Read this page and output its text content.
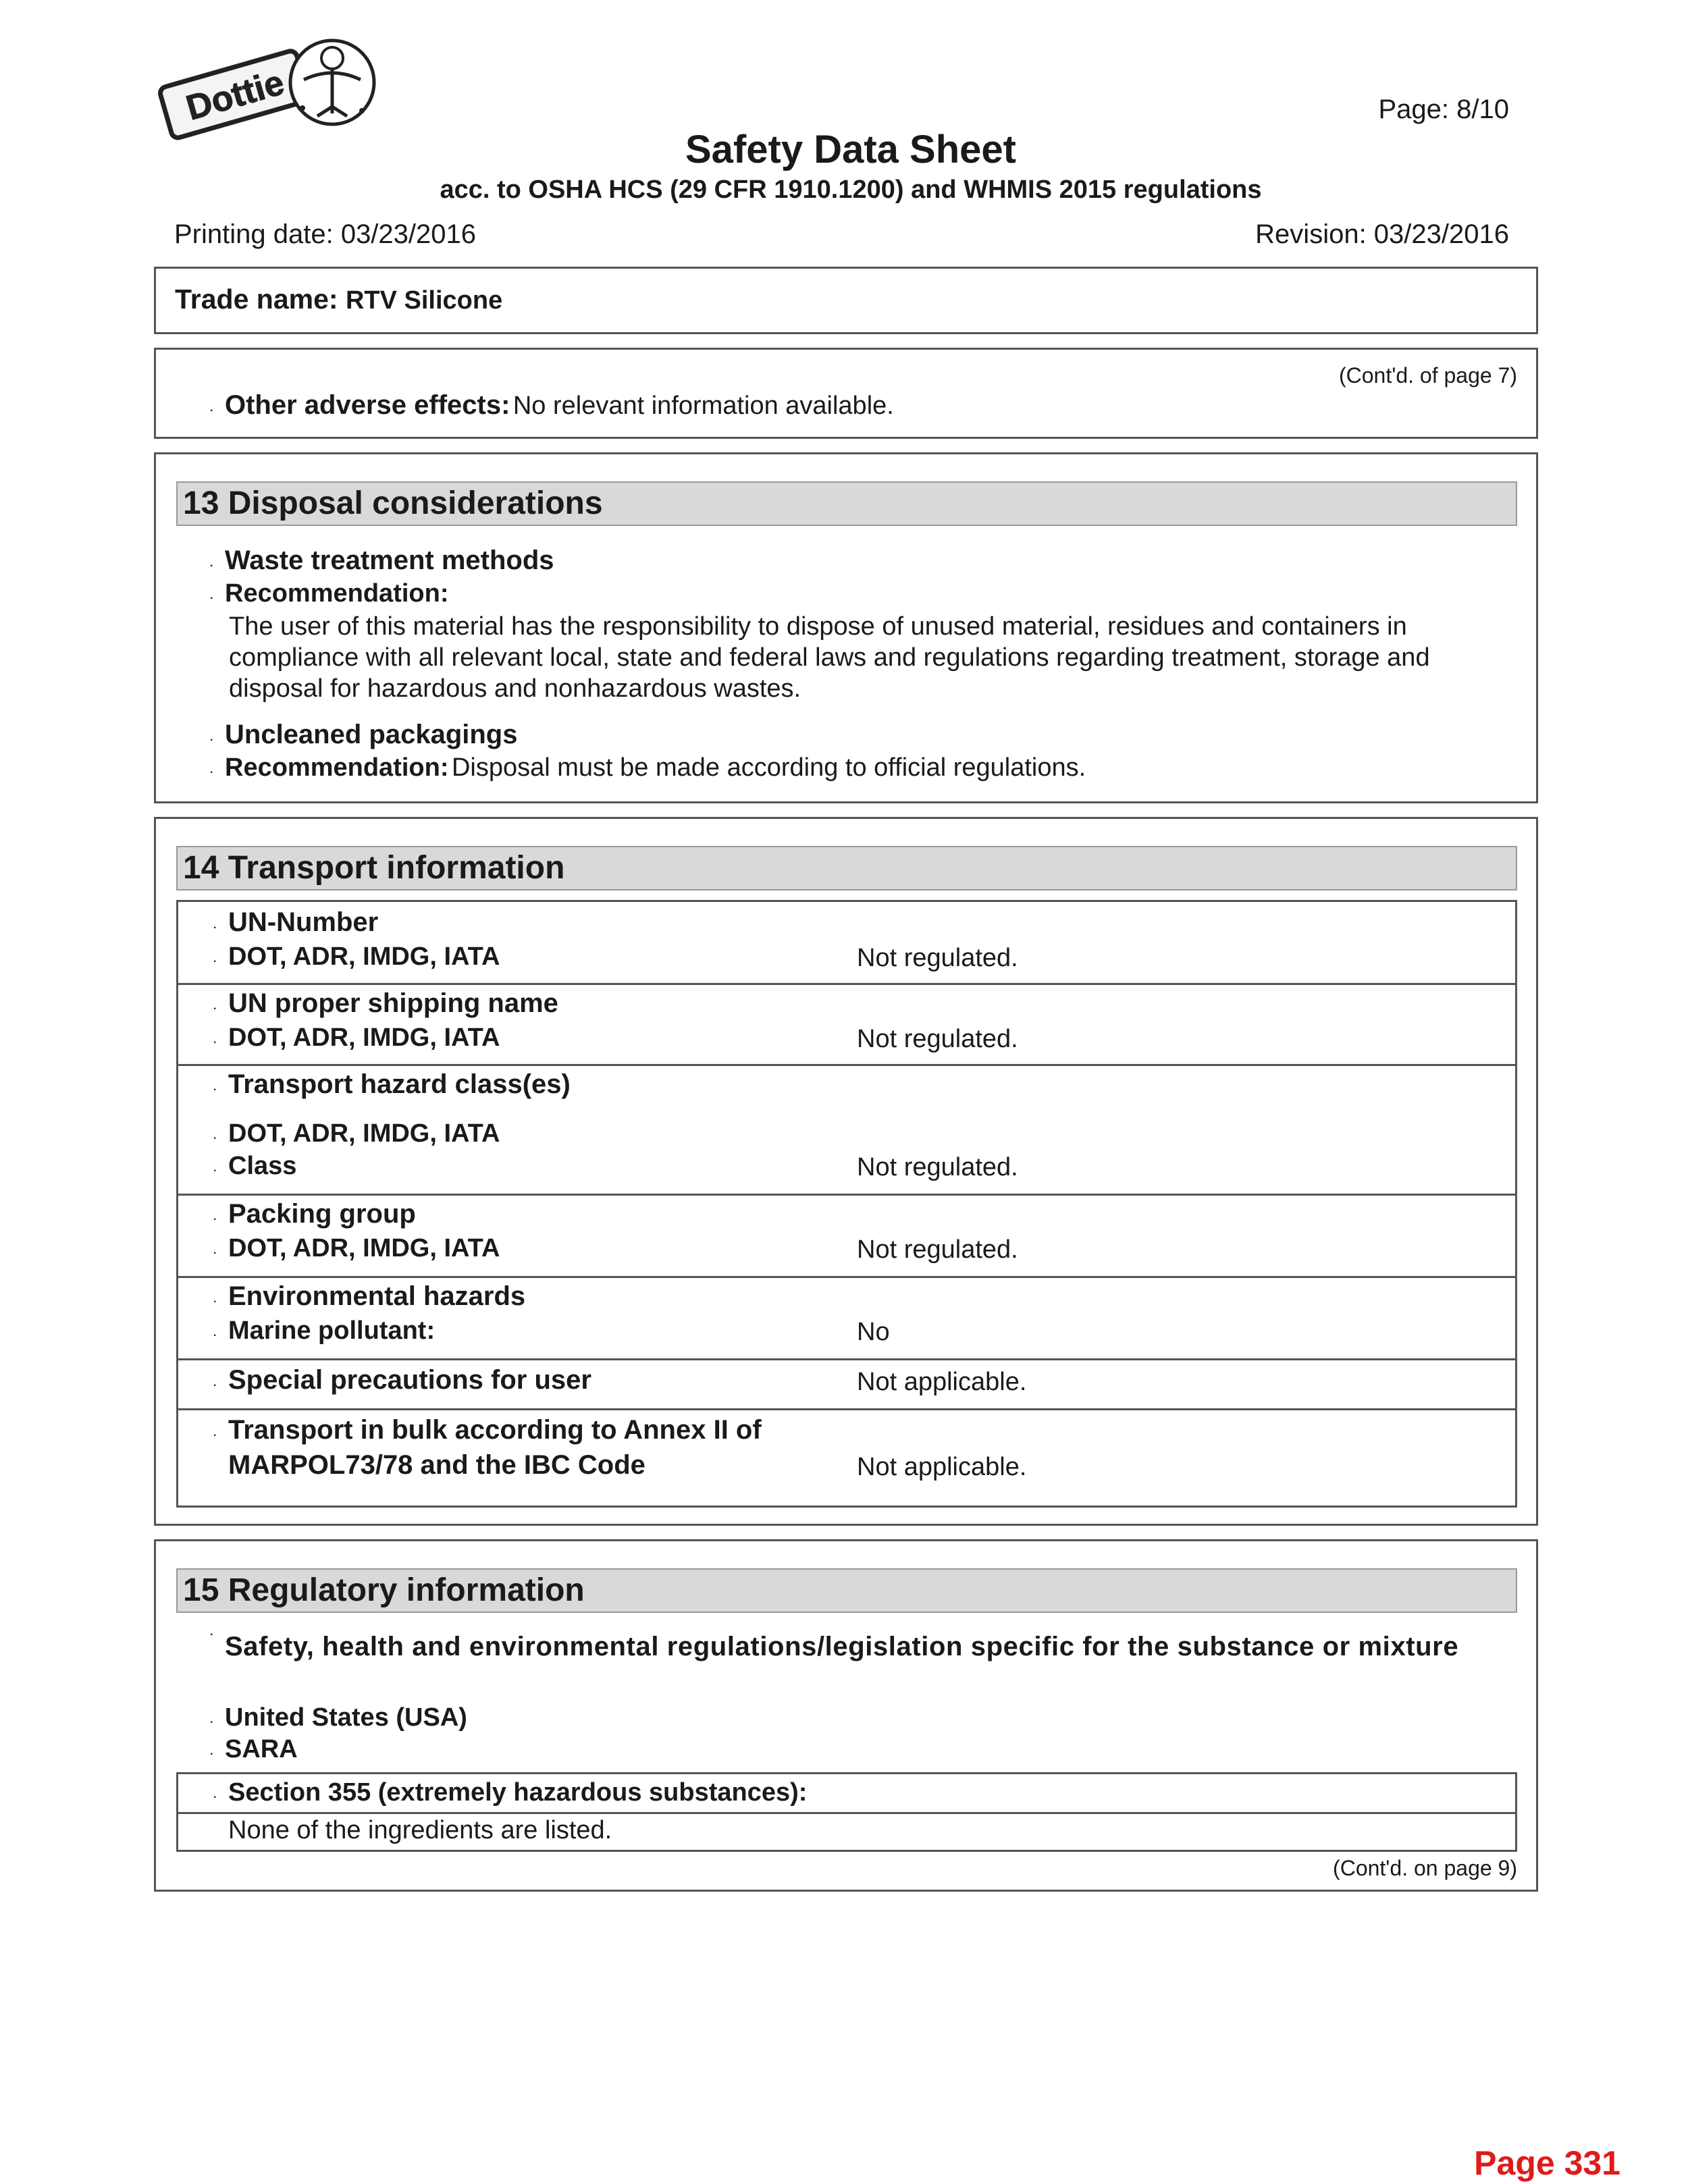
Dottie	Page: 8/10
Safety Data Sheet
acc. to OSHA HCS (29 CFR 1910.1200) and WHMIS 2015 regulations
Printing date: 03/23/2016	Revision: 03/23/2016
Trade name: RTV Silicone
(Cont'd. of page 7)
· Other adverse effects: No relevant information available.
13 Disposal considerations
· Waste treatment methods
· Recommendation:
The user of this material has the responsibility to dispose of unused material, residues and containers in compliance with all relevant local, state and federal laws and regulations regarding treatment, storage and disposal for hazardous and nonhazardous wastes.
· Uncleaned packagings
· Recommendation: Disposal must be made according to official regulations.
14 Transport information
· UN-Number
· DOT, ADR, IMDG, IATA	Not regulated.
· UN proper shipping name
· DOT, ADR, IMDG, IATA	Not regulated.
· Transport hazard class(es)
· DOT, ADR, IMDG, IATA
· Class	Not regulated.
· Packing group
· DOT, ADR, IMDG, IATA	Not regulated.
· Environmental hazards
· Marine pollutant:	No
· Special precautions for user	Not applicable.
· Transport in bulk according to Annex II of
MARPOL73/78 and the IBC Code	Not applicable.
15 Regulatory information
· Safety, health and environmental regulations/legislation specific for the substance or mixture
· United States (USA)
· SARA
· Section 355 (extremely hazardous substances):
None of the ingredients are listed.
(Cont'd. on page 9)
Page 331
